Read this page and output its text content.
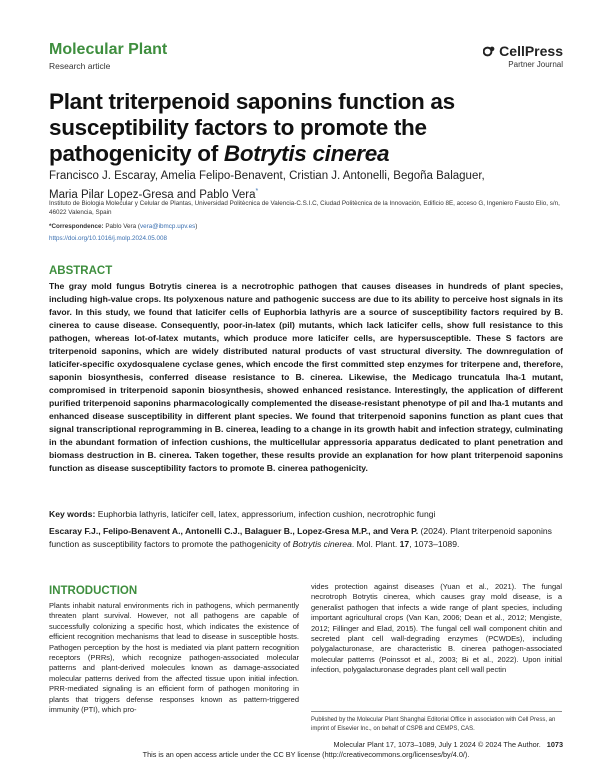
Molecular Plant
Research article
CellPress
Partner Journal
Plant triterpenoid saponins function as susceptibility factors to promote the pathogenicity of Botrytis cinerea
Francisco J. Escaray, Amelia Felipo-Benavent, Cristian J. Antonelli, Begoña Balaguer,
Maria Pilar Lopez-Gresa and Pablo Vera*
Instituto de Biologia Molecular y Celular de Plantas, Universidad Politècnica de Valencia-C.S.I.C, Ciudad Politècnica de la Innovación, Edificio 8E, acceso G, Ingeniero Fausto Elio, s/n, 46022 Valencia, Spain
*Correspondence: Pablo Vera (vera@ibmcp.upv.es)
https://doi.org/10.1016/j.molp.2024.05.008
ABSTRACT
The gray mold fungus Botrytis cinerea is a necrotrophic pathogen that causes diseases in hundreds of plant species, including high-value crops. Its polyxenous nature and pathogenic success are due to its ability to perceive host signals in its favor. In this study, we found that laticifer cells of Euphorbia lathyris are a source of susceptibility factors required by B. cinerea to cause disease. Consequently, poor-in-latex (pil) mutants, which lack laticifer cells, show full resistance to this pathogen, whereas lot-of-latex mutants, which produce more laticifer cells, are hypersusceptible. These S factors are triterpenoid saponins, which are widely distributed natural products of vast structural diversity. The downregulation of laticifer-specific oxydosqualene cyclase genes, which encode the first committed step enzymes for triterpene and, therefore, saponin biosynthesis, conferred disease resistance to B. cinerea. Likewise, the Medicago truncatula lha-1 mutant, compromised in triterpenoid saponin biosynthesis, showed enhanced resistance. Interestingly, the application of different purified triterpenoid saponins pharmacologically complemented the disease-resistant phenotype of pil and lha-1 mutants and enhanced disease susceptibility in different plant species. We found that triterpenoid saponins function as plant cues that signal transcriptional reprogramming in B. cinerea, leading to a change in its growth habit and infection strategy, culminating in the abundant formation of infection cushions, the multicellular appressoria apparatus dedicated to plant penetration and biomass destruction in B. cinerea. Taken together, these results provide an explanation for how plant triterpenoid saponins function as disease susceptibility factors to promote B. cinerea pathogenicity.
Key words: Euphorbia lathyris, laticifer cell, latex, appressorium, infection cushion, necrotrophic fungi
Escaray F.J., Felipo-Benavent A., Antonelli C.J., Balaguer B., Lopez-Gresa M.P., and Vera P. (2024). Plant triterpenoid saponins function as susceptibility factors to promote the pathogenicity of Botrytis cinerea. Mol. Plant. 17, 1073–1089.
INTRODUCTION
Plants inhabit natural environments rich in pathogens, which permanently threaten plant survival. However, not all pathogens are capable of successfully colonizing a specific host, which indicates the existence of efficient recognition mechanisms that lead to disease in susceptible hosts. Pathogen perception by the host is mediated via plant pattern recognition receptors (PRRs), which recognize pathogen-associated molecular patterns and plant-derived molecules known as damage-associated molecular patterns derived from the affected tissue upon initial infection. PRR-mediated signaling is an efficient form of pathogen monitoring in plants that triggers defense responses known as pattern-triggered immunity (PTI), which pro-
vides protection against diseases (Yuan et al., 2021). The fungal necrotroph Botrytis cinerea, which causes gray mold disease, is a generalist pathogen that infects a wide range of plant species, including important agricultural crops (Van Kan, 2006; Dean et al., 2012; Mengiste, 2012; Fillinger and Elad, 2015). The fungal cell wall component chitin and secreted plant cell wall-degrading enzymes (PCWDEs), including polygalacturonase, are characteristic B. cinerea pathogen-associated molecular patterns (Poinssot et al., 2003; Bi et al., 2022). Upon initial infection, polygalacturonase degrades plant cell wall pectin
Published by the Molecular Plant Shanghai Editorial Office in association with Cell Press, an imprint of Elsevier Inc., on behalf of CSPB and CEMPS, CAS.
Molecular Plant 17, 1073–1089, July 1 2024 © 2024 The Author. 1073
This is an open access article under the CC BY license (http://creativecommons.org/licenses/by/4.0/).
